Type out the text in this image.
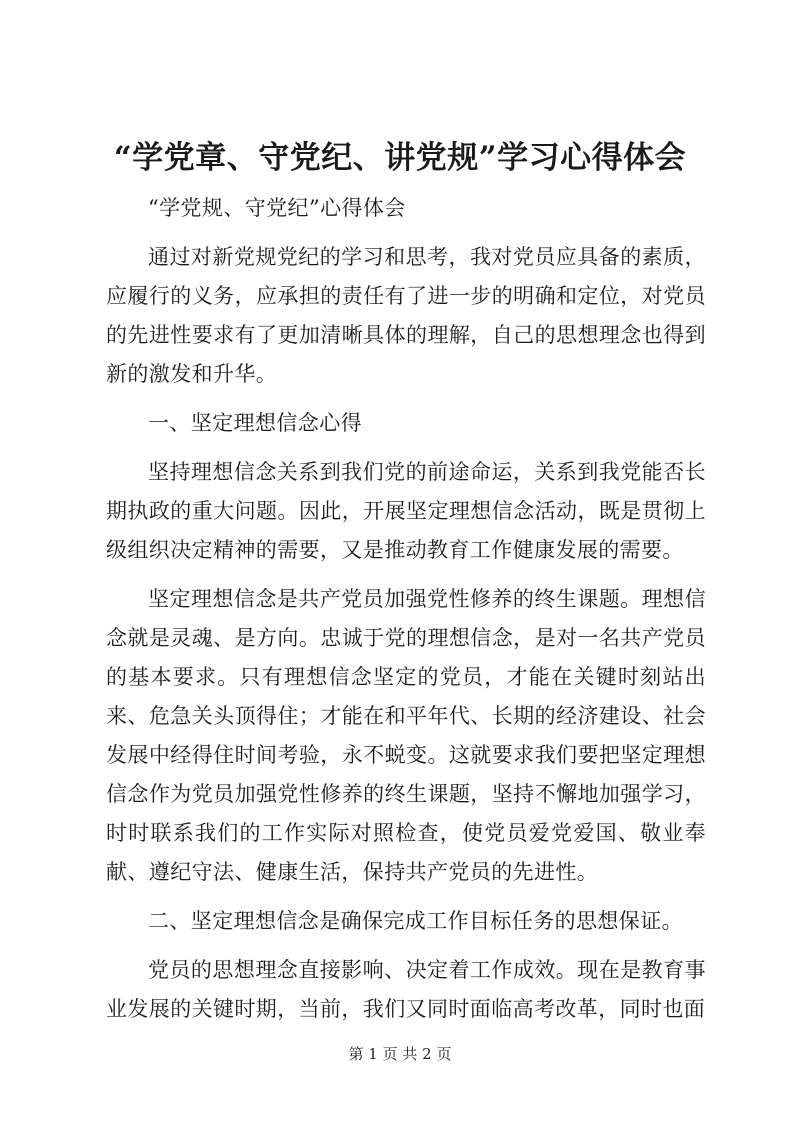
“学党章、守党纪、讲党规”学习心得体会

“学党规、守党纪”心得体会

通过对新党规党纪的学习和思考，我对党员应具备的素质，应履行的义务，应承担的责任有了进一步的明确和定位，对党员的先进性要求有了更加清晰具体的理解，自己的思想理念也得到新的激发和升华。

一、坚定理想信念心得

坚持理想信念关系到我们党的前途命运，关系到我党能否长期执政的重大问题。因此，开展坚定理想信念活动，既是贯彻上级组织决定精神的需要，又是推动教育工作健康发展的需要。

坚定理想信念是共产党员加强党性修养的终生课题。理想信念就是灵魂、是方向。忠诚于党的理想信念，是对一名共产党员的基本要求。只有理想信念坚定的党员，才能在关键时刻站出来、危急关头顶得住；才能在和平年代、长期的经济建设、社会发展中经得住时间考验，永不蜕变。这就要求我们要把坚定理想信念作为党员加强党性修养的终生课题，坚持不懈地加强学习，时时联系我们的工作实际对照检查，使党员爱党爱国、敬业奉献、遵纪守法、健康生活，保持共产党员的先进性。

二、坚定理想信念是确保完成工作目标任务的思想保证。

党员的思想理念直接影响、决定着工作成效。现在是教育事业发展的关键时期，当前，我们又同时面临高考改革，同时也面

第 1 页 共 2 页
